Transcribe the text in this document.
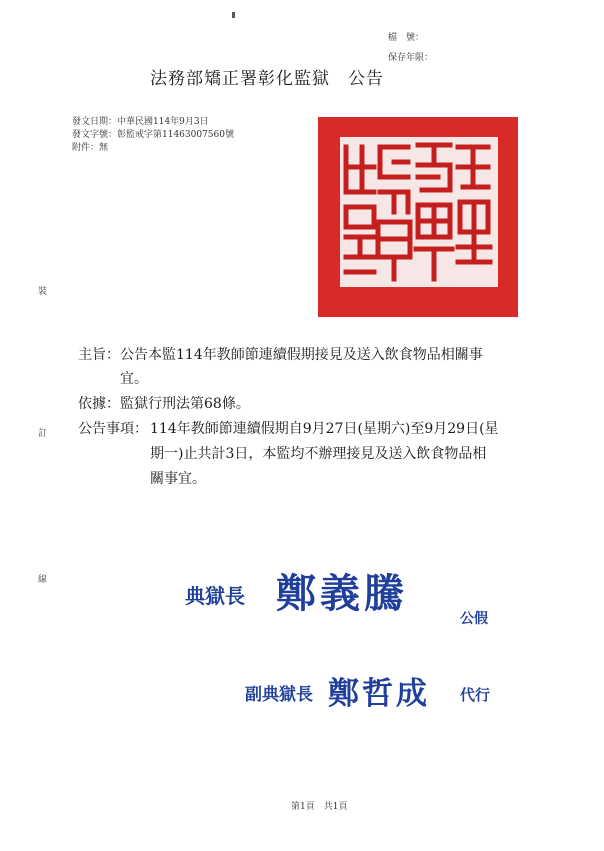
檔　號：
保存年限：
法務部矯正署彰化監獄　公告
發文日期：中華民國114年9月3日
發文字號：彰監戒字第11463007560號
附件：無
裝
訂
線
主旨： 公告本監114年教師節連續假期接見及送入飲食物品相關事
宜。
依據： 監獄行刑法第68條。
公告事項： 114年教師節連續假期自9月27日(星期六)至9月29日(星
期一)止共計3日，本監均不辦理接見及送入飲食物品相
關事宜。
典獄長 鄭義騰
公假
副典獄長 鄭哲成 代行
第1頁　共1頁
